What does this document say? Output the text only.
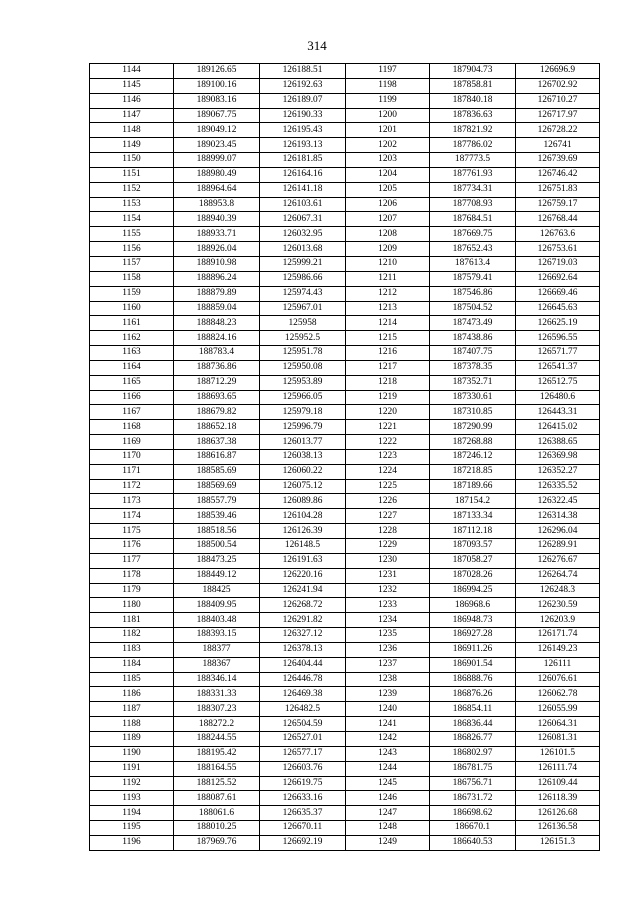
314
1144	189126.65	126188.51	1197	187904.73	126696.9
1145	189100.16	126192.63	1198	187858.81	126702.92
1146	189083.16	126189.07	1199	187840.18	126710.27
1147	189067.75	126190.33	1200	187836.63	126717.97
1148	189049.12	126195.43	1201	187821.92	126728.22
1149	189023.45	126193.13	1202	187786.02	126741
1150	188999.07	126181.85	1203	187773.5	126739.69
1151	188980.49	126164.16	1204	187761.93	126746.42
1152	188964.64	126141.18	1205	187734.31	126751.83
1153	188953.8	126103.61	1206	187708.93	126759.17
1154	188940.39	126067.31	1207	187684.51	126768.44
1155	188933.71	126032.95	1208	187669.75	126763.6
1156	188926.04	126013.68	1209	187652.43	126753.61
1157	188910.98	125999.21	1210	187613.4	126719.03
1158	188896.24	125986.66	1211	187579.41	126692.64
1159	188879.89	125974.43	1212	187546.86	126669.46
1160	188859.04	125967.01	1213	187504.52	126645.63
1161	188848.23	125958	1214	187473.49	126625.19
1162	188824.16	125952.5	1215	187438.86	126596.55
1163	188783.4	125951.78	1216	187407.75	126571.77
1164	188736.86	125950.08	1217	187378.35	126541.37
1165	188712.29	125953.89	1218	187352.71	126512.75
1166	188693.65	125966.05	1219	187330.61	126480.6
1167	188679.82	125979.18	1220	187310.85	126443.31
1168	188652.18	125996.79	1221	187290.99	126415.02
1169	188637.38	126013.77	1222	187268.88	126388.65
1170	188616.87	126038.13	1223	187246.12	126369.98
1171	188585.69	126060.22	1224	187218.85	126352.27
1172	188569.69	126075.12	1225	187189.66	126335.52
1173	188557.79	126089.86	1226	187154.2	126322.45
1174	188539.46	126104.28	1227	187133.34	126314.38
1175	188518.56	126126.39	1228	187112.18	126296.04
1176	188500.54	126148.5	1229	187093.57	126289.91
1177	188473.25	126191.63	1230	187058.27	126276.67
1178	188449.12	126220.16	1231	187028.26	126264.74
1179	188425	126241.94	1232	186994.25	126248.3
1180	188409.95	126268.72	1233	186968.6	126230.59
1181	188403.48	126291.82	1234	186948.73	126203.9
1182	188393.15	126327.12	1235	186927.28	126171.74
1183	188377	126378.13	1236	186911.26	126149.23
1184	188367	126404.44	1237	186901.54	126111
1185	188346.14	126446.78	1238	186888.76	126076.61
1186	188331.33	126469.38	1239	186876.26	126062.78
1187	188307.23	126482.5	1240	186854.11	126055.99
1188	188272.2	126504.59	1241	186836.44	126064.31
1189	188244.55	126527.01	1242	186826.77	126081.31
1190	188195.42	126577.17	1243	186802.97	126101.5
1191	188164.55	126603.76	1244	186781.75	126111.74
1192	188125.52	126619.75	1245	186756.71	126109.44
1193	188087.61	126633.16	1246	186731.72	126118.39
1194	188061.6	126635.37	1247	186698.62	126126.68
1195	188010.25	126670.11	1248	186670.1	126136.58
1196	187969.76	126692.19	1249	186640.53	126151.3
